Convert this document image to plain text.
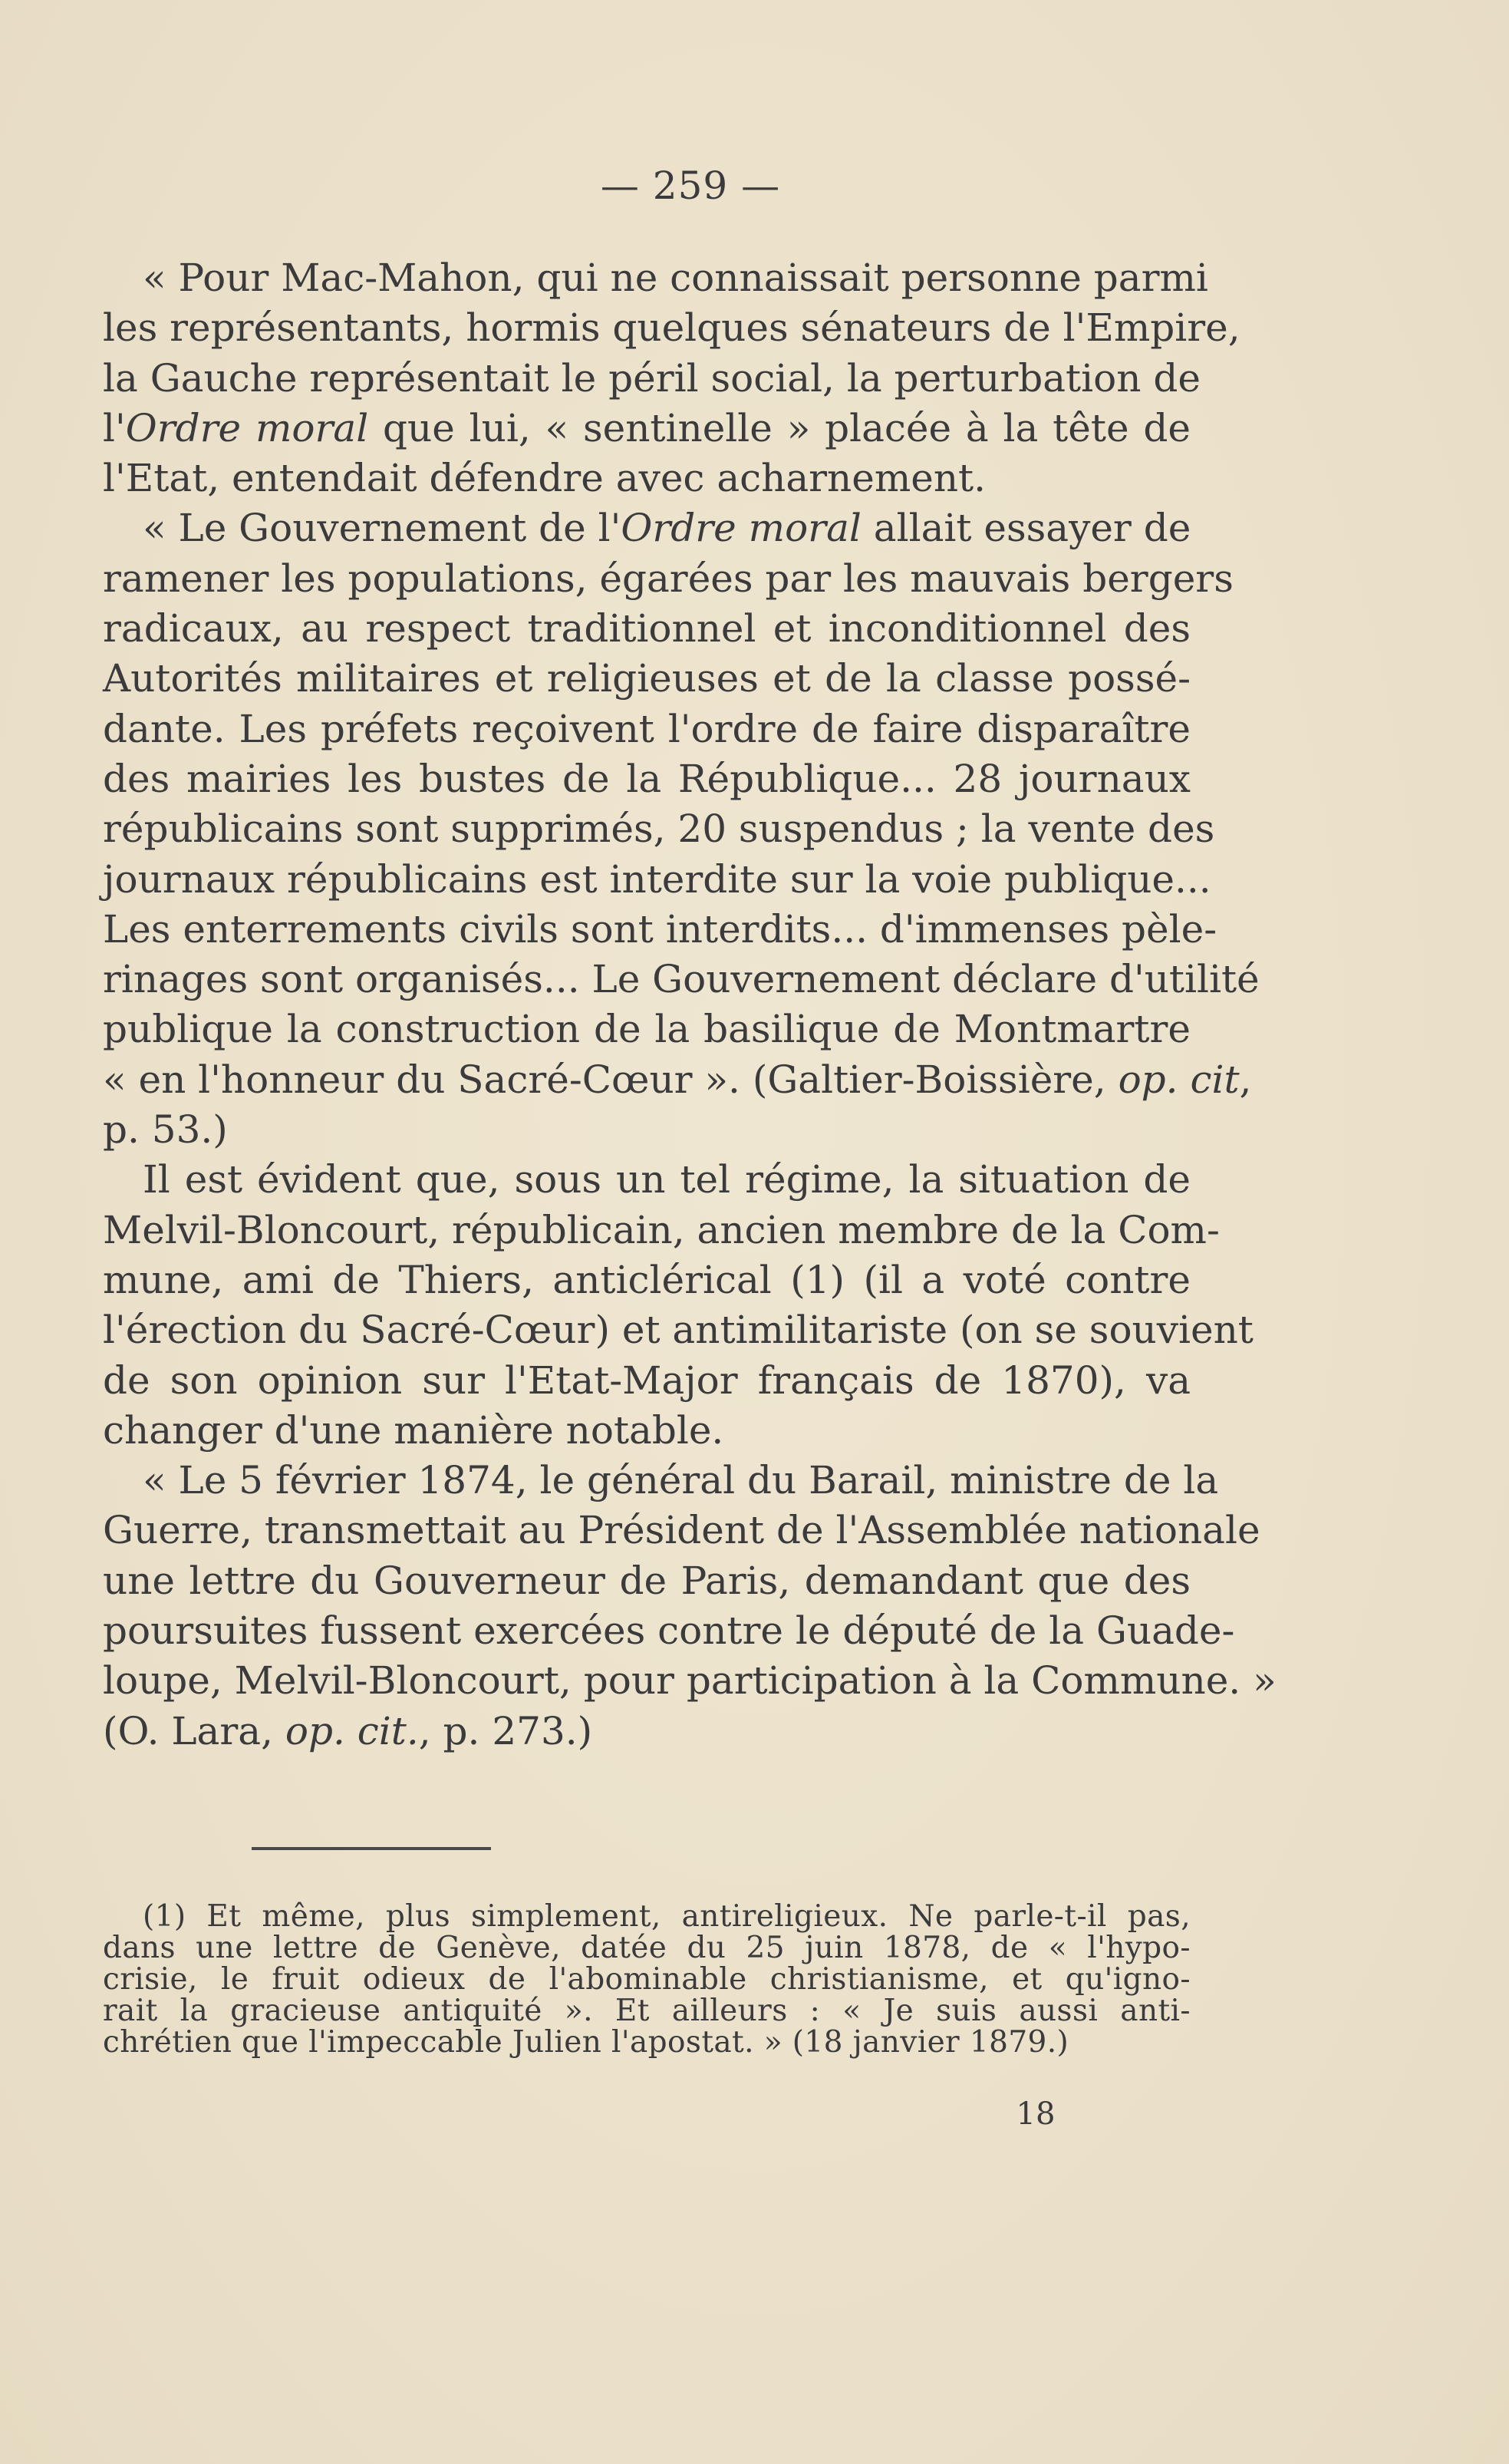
— 259 —
« Pour Mac-Mahon, qui ne connaissait personne parmi
les représentants, hormis quelques sénateurs de l'Empire,
la Gauche représentait le péril social, la perturbation de
l'Ordre moral que lui, « sentinelle » placée à la tête de
l'Etat, entendait défendre avec acharnement.
« Le Gouvernement de l'Ordre moral allait essayer de
ramener les populations, égarées par les mauvais bergers
radicaux, au respect traditionnel et inconditionnel des
Autorités militaires et religieuses et de la classe possé-
dante. Les préfets reçoivent l'ordre de faire disparaître
des mairies les bustes de la République... 28 journaux
républicains sont supprimés, 20 suspendus ; la vente des
journaux républicains est interdite sur la voie publique...
Les enterrements civils sont interdits... d'immenses pèle-
rinages sont organisés... Le Gouvernement déclare d'utilité
publique la construction de la basilique de Montmartre
« en l'honneur du Sacré-Cœur ». (Galtier-Boissière, op. cit,
p. 53.)
Il est évident que, sous un tel régime, la situation de
Melvil-Bloncourt, républicain, ancien membre de la Com-
mune, ami de Thiers, anticlérical (1) (il a voté contre
l'érection du Sacré-Cœur) et antimilitariste (on se souvient
de son opinion sur l'Etat-Major français de 1870), va
changer d'une manière notable.
« Le 5 février 1874, le général du Barail, ministre de la
Guerre, transmettait au Président de l'Assemblée nationale
une lettre du Gouverneur de Paris, demandant que des
poursuites fussent exercées contre le député de la Guade-
loupe, Melvil-Bloncourt, pour participation à la Commune. »
(O. Lara, op. cit., p. 273.)
(1) Et même, plus simplement, antireligieux. Ne parle-t-il pas,
dans une lettre de Genève, datée du 25 juin 1878, de « l'hypo-
crisie, le fruit odieux de l'abominable christianisme, et qu'igno-
rait la gracieuse antiquité ». Et ailleurs : « Je suis aussi anti-
chrétien que l'impeccable Julien l'apostat. » (18 janvier 1879.)
18
